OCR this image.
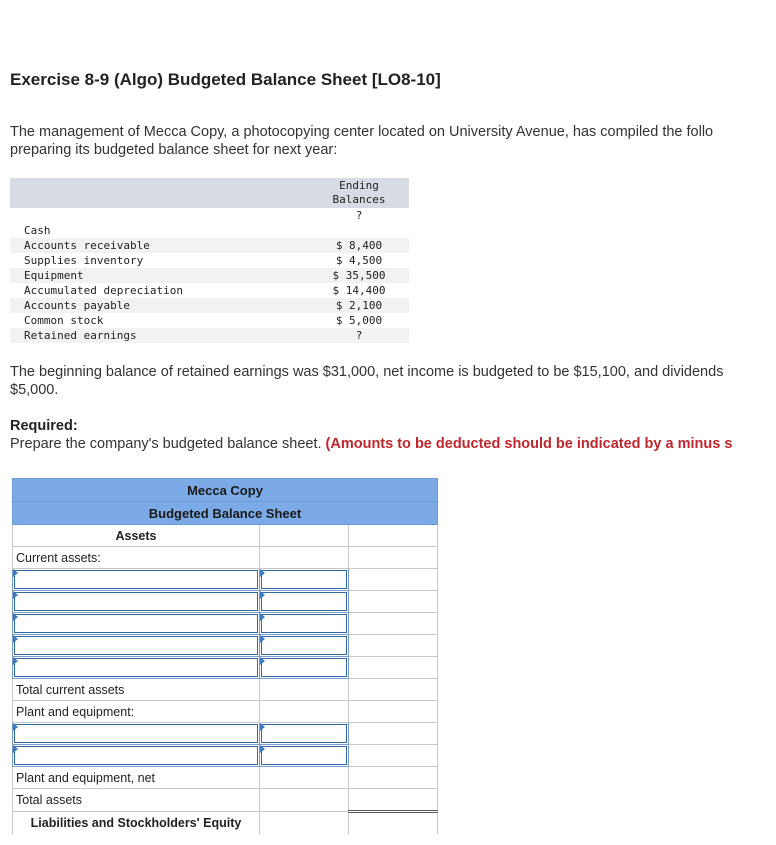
Exercise 8-9 (Algo) Budgeted Balance Sheet [LO8-10]
The management of Mecca Copy, a photocopying center located on University Avenue, has compiled the follo
preparing its budgeted balance sheet for next year:

	Ending
Balances

	?
Cash	
Accounts receivable	$ 8,400
Supplies inventory	$ 4,500
Equipment	$ 35,500
Accumulated depreciation	$ 14,400
Accounts payable	$ 2,100
Common stock	$ 5,000
Retained earnings	?
The beginning balance of retained earnings was $31,000, net income is budgeted to be $15,100, and dividends
$5,000.
Required:
Prepare the company's budgeted balance sheet. (Amounts to be deducted should be indicated by a minus s
Mecca Copy		
Budgeted Balance Sheet		
Assets		
Current assets:		

Total current assets		
Plant and equipment:		

Plant and equipment, net		
Total assets		
Liabilities and Stockholders' Equity		
